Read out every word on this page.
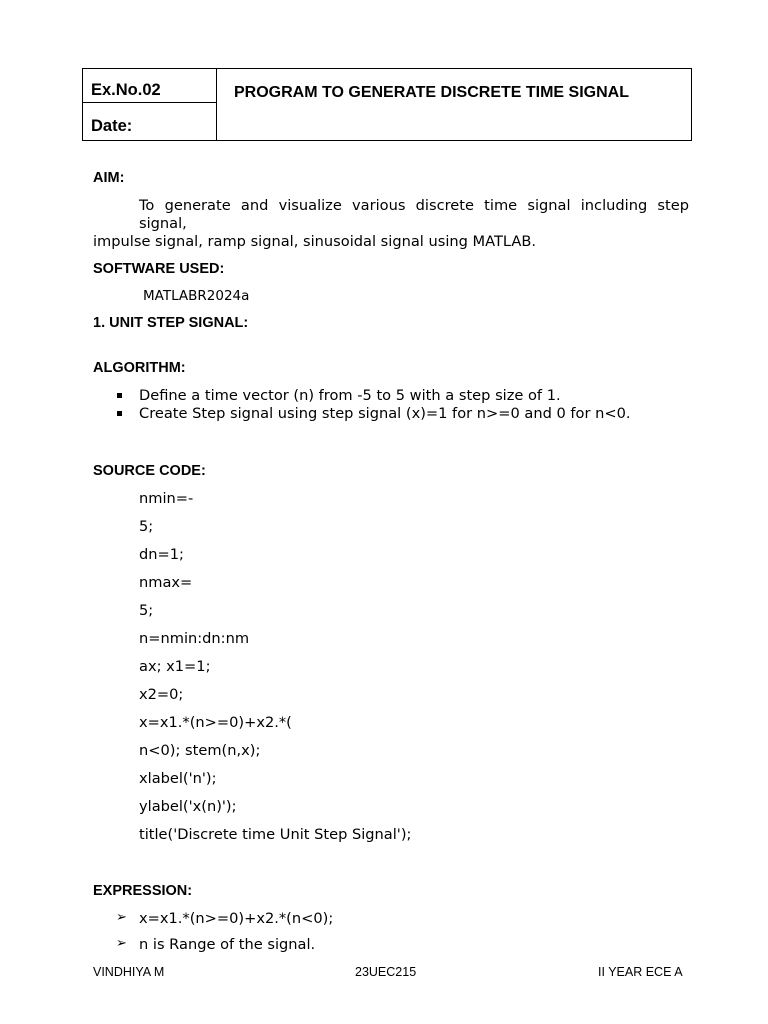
Ex.No.02
Date:
PROGRAM TO GENERATE DISCRETE TIME SIGNAL
AIM:
To generate and visualize various discrete time signal including step
signal,
impulse signal, ramp signal, sinusoidal signal using MATLAB.
SOFTWARE USED:
MATLABR2024a
1. UNIT STEP SIGNAL:
ALGORITHM:
Define a time vector (n) from -5 to 5 with a step size of 1.
Create Step signal using step signal (x)=1 for n>=0 and 0 for n<0.
SOURCE CODE:
nmin=-
5;
dn=1;
nmax=
5;
n=nmin:dn:nm
ax; x1=1;
x2=0;
x=x1.*(n>=0)+x2.*(
n<0); stem(n,x);
xlabel('n');
ylabel('x(n)');
title('Discrete time Unit Step Signal');
EXPRESSION:
➢ x=x1.*(n>=0)+x2.*(n<0);
➢ n is Range of the signal.
VINDHIYA M	23UEC215	II YEAR ECE A
